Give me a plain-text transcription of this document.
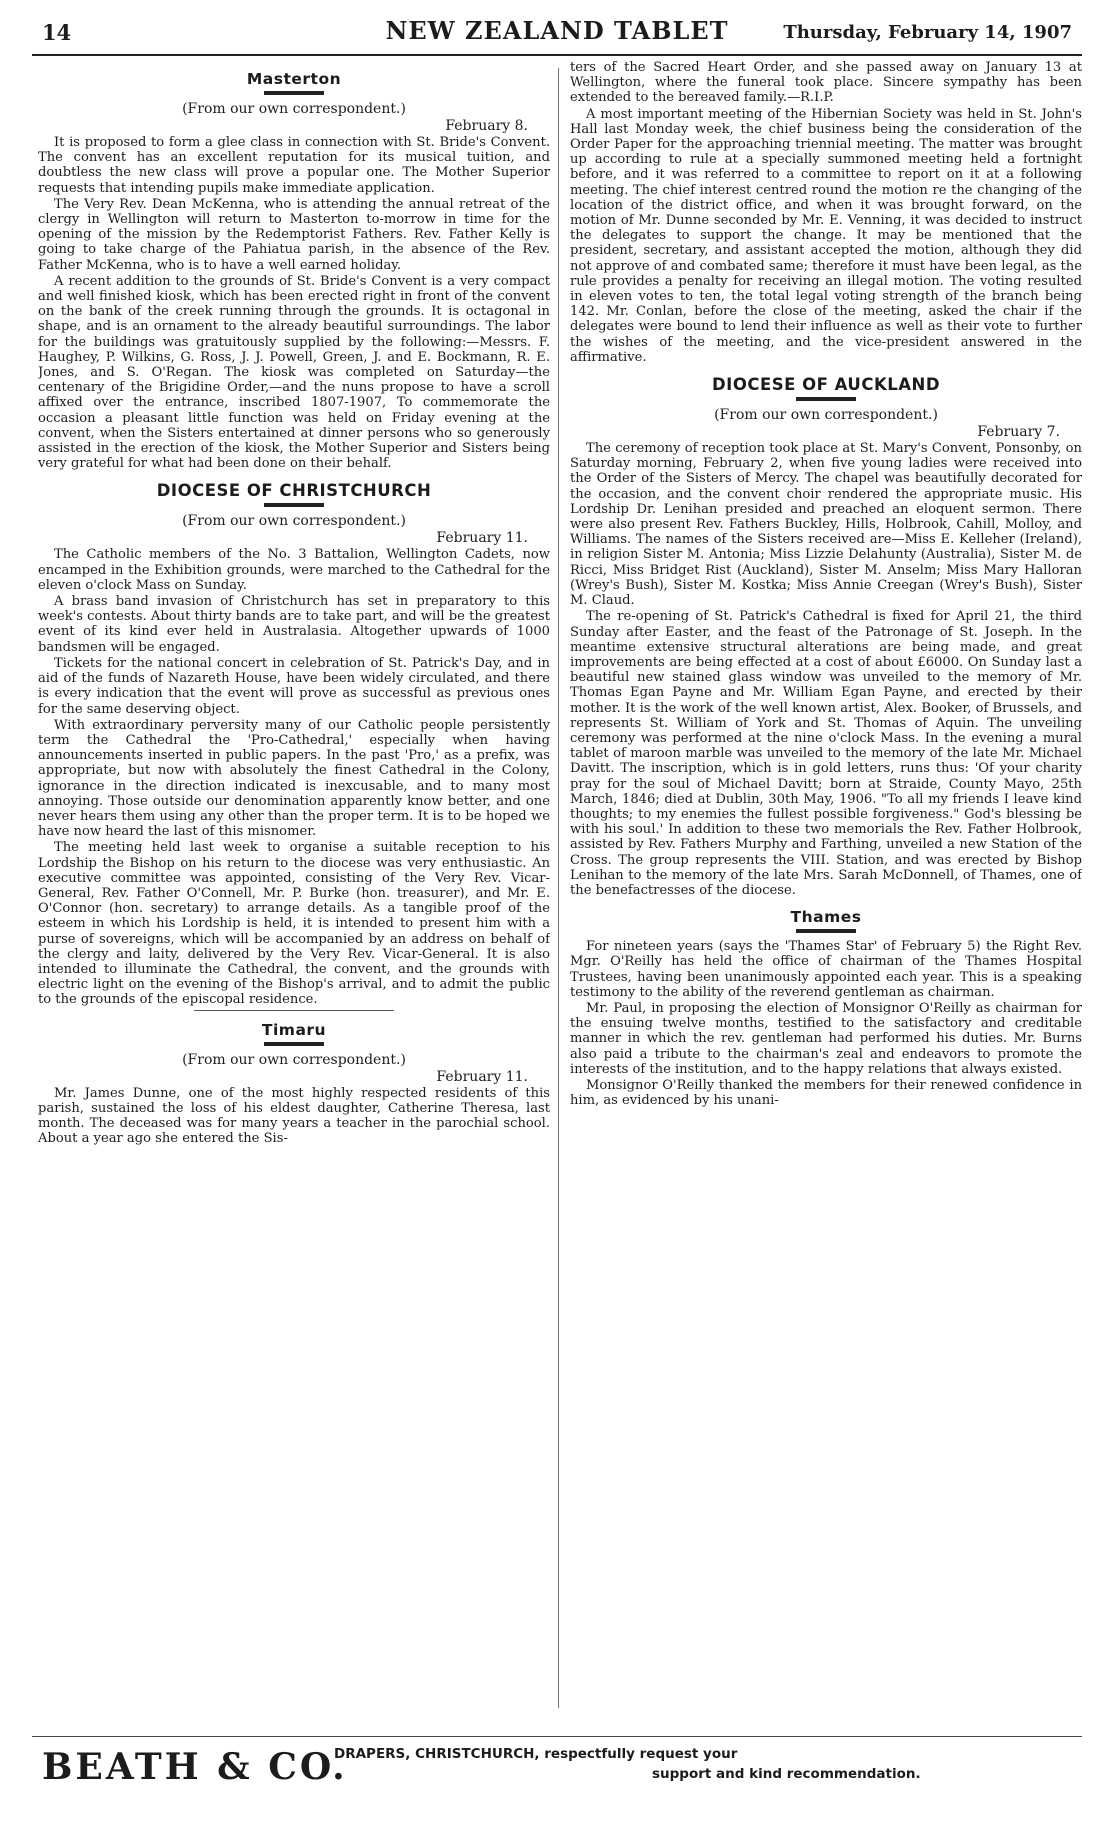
14	NEW ZEALAND TABLET	Thursday, February 14, 1907
Masterton
(From our own correspondent.)
February 8.

It is proposed to form a glee class in connection with St. Bride's Convent. The convent has an excellent reputation for its musical tuition, and doubtless the new class will prove a popular one. The Mother Superior requests that intending pupils make immediate application.

The Very Rev. Dean McKenna, who is attending the annual retreat of the clergy in Wellington will return to Masterton to-morrow in time for the opening of the mission by the Redemptorist Fathers. Rev. Father Kelly is going to take charge of the Pahiatua parish, in the absence of the Rev. Father McKenna, who is to have a well earned holiday.

A recent addition to the grounds of St. Bride's Convent is a very compact and well finished kiosk, which has been erected right in front of the convent on the bank of the creek running through the grounds. It is octagonal in shape, and is an ornament to the already beautiful surroundings. The labor for the buildings was gratuitously supplied by the following:—Messrs. F. Haughey, P. Wilkins, G. Ross, J. J. Powell, Green, J. and E. Bockmann, R. E. Jones, and S. O'Regan. The kiosk was completed on Saturday—the centenary of the Brigidine Order,—and the nuns propose to have a scroll affixed over the entrance, inscribed 1807-1907, To commemorate the occasion a pleasant little function was held on Friday evening at the convent, when the Sisters entertained at dinner persons who so generously assisted in the erection of the kiosk, the Mother Superior and Sisters being very grateful for what had been done on their behalf.

DIOCESE OF CHRISTCHURCH
(From our own correspondent.)
February 11.

The Catholic members of the No. 3 Battalion, Wellington Cadets, now encamped in the Exhibition grounds, were marched to the Cathedral for the eleven o'clock Mass on Sunday.

A brass band invasion of Christchurch has set in preparatory to this week's contests. About thirty bands are to take part, and will be the greatest event of its kind ever held in Australasia. Altogether upwards of 1000 bandsmen will be engaged.

Tickets for the national concert in celebration of St. Patrick's Day, and in aid of the funds of Nazareth House, have been widely circulated, and there is every indication that the event will prove as successful as previous ones for the same deserving object.

With extraordinary perversity many of our Catholic people persistently term the Cathedral the 'Pro-Cathedral,' especially when having announcements inserted in public papers. In the past 'Pro,' as a prefix, was appropriate, but now with absolutely the finest Cathedral in the Colony, ignorance in the direction indicated is inexcusable, and to many most annoying. Those outside our denomination apparently know better, and one never hears them using any other than the proper term. It is to be hoped we have now heard the last of this misnomer.

The meeting held last week to organise a suitable reception to his Lordship the Bishop on his return to the diocese was very enthusiastic. An executive committee was appointed, consisting of the Very Rev. Vicar-General, Rev. Father O'Connell, Mr. P. Burke (hon. treasurer), and Mr. E. O'Connor (hon. secretary) to arrange details. As a tangible proof of the esteem in which his Lordship is held, it is intended to present him with a purse of sovereigns, which will be accompanied by an address on behalf of the clergy and laity, delivered by the Very Rev. Vicar-General. It is also intended to illuminate the Cathedral, the convent, and the grounds with electric light on the evening of the Bishop's arrival, and to admit the public to the grounds of the episcopal residence.

Timaru
(From our own correspondent.)
February 11.

Mr. James Dunne, one of the most highly respected residents of this parish, sustained the loss of his eldest daughter, Catherine Theresa, last month. The deceased was for many years a teacher in the parochial school. About a year ago she entered the Sis-

ters of the Sacred Heart Order, and she passed away on January 13 at Wellington, where the funeral took place. Sincere sympathy has been extended to the bereaved family.—R.I.P.

A most important meeting of the Hibernian Society was held in St. John's Hall last Monday week, the chief business being the consideration of the Order Paper for the approaching triennial meeting. The matter was brought up according to rule at a specially summoned meeting held a fortnight before, and it was referred to a committee to report on it at a following meeting. The chief interest centred round the motion re the changing of the location of the district office, and when it was brought forward, on the motion of Mr. Dunne seconded by Mr. E. Venning, it was decided to instruct the delegates to support the change. It may be mentioned that the president, secretary, and assistant accepted the motion, although they did not approve of and combated same; therefore it must have been legal, as the rule provides a penalty for receiving an illegal motion. The voting resulted in eleven votes to ten, the total legal voting strength of the branch being 142. Mr. Conlan, before the close of the meeting, asked the chair if the delegates were bound to lend their influence as well as their vote to further the wishes of the meeting, and the vice-president answered in the affirmative.

DIOCESE OF AUCKLAND
(From our own correspondent.)
February 7.

The ceremony of reception took place at St. Mary's Convent, Ponsonby, on Saturday morning, February 2, when five young ladies were received into the Order of the Sisters of Mercy. The chapel was beautifully decorated for the occasion, and the convent choir rendered the appropriate music. His Lordship Dr. Lenihan presided and preached an eloquent sermon. There were also present Rev. Fathers Buckley, Hills, Holbrook, Cahill, Molloy, and Williams. The names of the Sisters received are—Miss E. Kelleher (Ireland), in religion Sister M. Antonia; Miss Lizzie Delahunty (Australia), Sister M. de Ricci, Miss Bridget Rist (Auckland), Sister M. Anselm; Miss Mary Halloran (Wrey's Bush), Sister M. Kostka; Miss Annie Creegan (Wrey's Bush), Sister M. Claud.

The re-opening of St. Patrick's Cathedral is fixed for April 21, the third Sunday after Easter, and the feast of the Patronage of St. Joseph. In the meantime extensive structural alterations are being made, and great improvements are being effected at a cost of about £6000. On Sunday last a beautiful new stained glass window was unveiled to the memory of Mr. Thomas Egan Payne and Mr. William Egan Payne, and erected by their mother. It is the work of the well known artist, Alex. Booker, of Brussels, and represents St. William of York and St. Thomas of Aquin. The unveiling ceremony was performed at the nine o'clock Mass. In the evening a mural tablet of maroon marble was unveiled to the memory of the late Mr. Michael Davitt. The inscription, which is in gold letters, runs thus: 'Of your charity pray for the soul of Michael Davitt; born at Straide, County Mayo, 25th March, 1846; died at Dublin, 30th May, 1906. "To all my friends I leave kind thoughts; to my enemies the fullest possible forgiveness." God's blessing be with his soul.' In addition to these two memorials the Rev. Father Holbrook, assisted by Rev. Fathers Murphy and Farthing, unveiled a new Station of the Cross. The group represents the VIII. Station, and was erected by Bishop Lenihan to the memory of the late Mrs. Sarah McDonnell, of Thames, one of the benefactresses of the diocese.

Thames

For nineteen years (says the 'Thames Star' of February 5) the Right Rev. Mgr. O'Reilly has held the office of chairman of the Thames Hospital Trustees, having been unanimously appointed each year. This is a speaking testimony to the ability of the reverend gentleman as chairman.

Mr. Paul, in proposing the election of Monsignor O'Reilly as chairman for the ensuing twelve months, testified to the satisfactory and creditable manner in which the rev. gentleman had performed his duties. Mr. Burns also paid a tribute to the chairman's zeal and endeavors to promote the interests of the institution, and to the happy relations that always existed.

Monsignor O'Reilly thanked the members for their renewed confidence in him, as evidenced by his unani-

BEATH & CO.
DRAPERS, CHRISTCHURCH, respectfully request your
support and kind recommendation.
